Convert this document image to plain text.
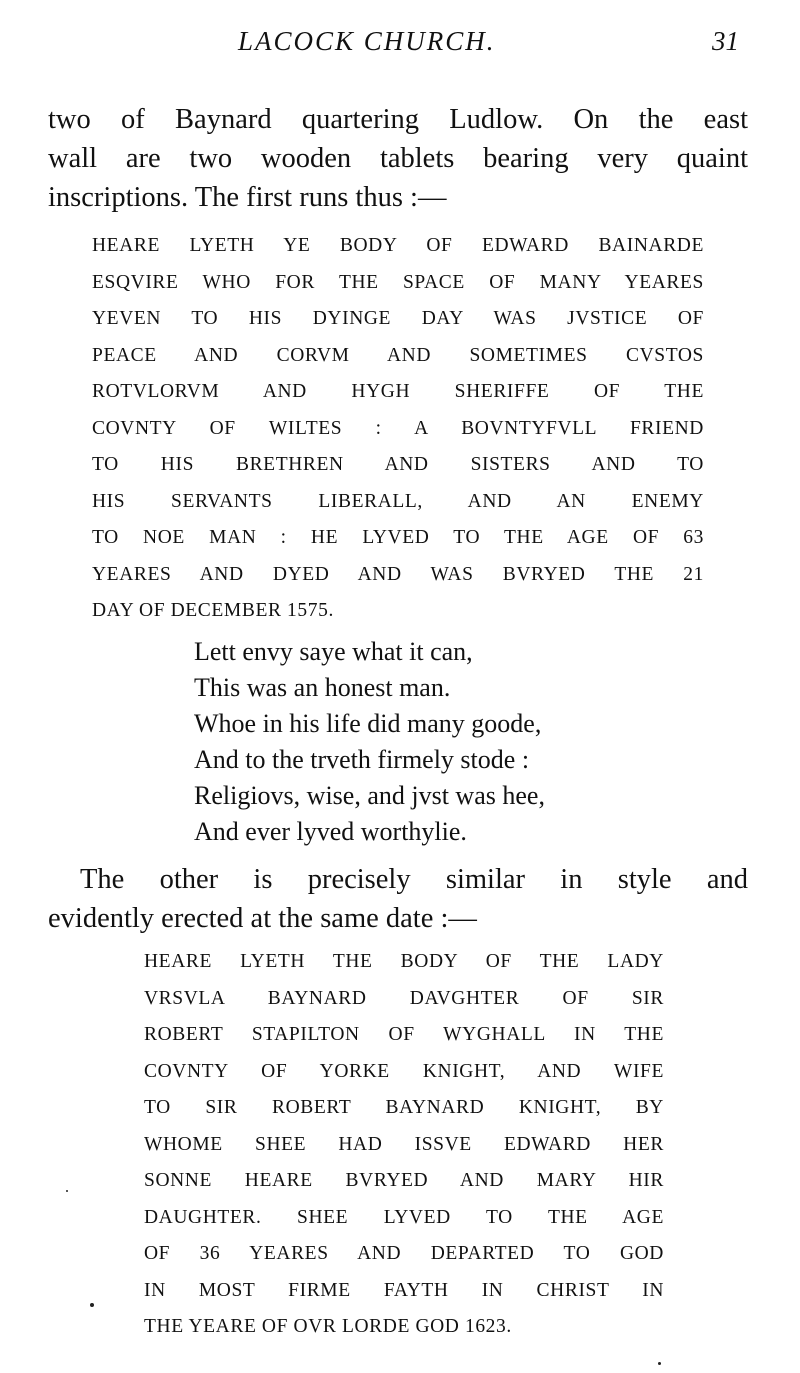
LACOCK CHURCH.	31
two of Baynard quartering Ludlow. On the east
wall are two wooden tablets bearing very quaint
inscriptions. The first runs thus :—
HEARE LYETH YE BODY OF EDWARD BAINARDE
ESQVIRE WHO FOR THE SPACE OF MANY YEARES
YEVEN TO HIS DYINGE DAY WAS JVSTICE OF
PEACE AND CORVM AND SOMETIMES CVSTOS
ROTVLORVM AND HYGH SHERIFFE OF THE
COVNTY OF WILTES : A BOVNTYFVLL FRIEND
TO HIS BRETHREN AND SISTERS AND TO
HIS SERVANTS LIBERALL, AND AN ENEMY
TO NOE MAN : HE LYVED TO THE AGE OF 63
YEARES AND DYED AND WAS BVRYED THE 21
DAY OF DECEMBER 1575.
Lett envy saye what it can,
This was an honest man.
Whoe in his life did many goode,
And to the trveth firmely stode :
Religiovs, wise, and jvst was hee,
And ever lyved worthylie.
The other is precisely similar in style and
evidently erected at the same date :—
HEARE LYETH THE BODY OF THE LADY
VRSVLA BAYNARD DAVGHTER OF SIR
ROBERT STAPILTON OF WYGHALL IN THE
COVNTY OF YORKE KNIGHT, AND WIFE
TO SIR ROBERT BAYNARD KNIGHT, BY
WHOME SHEE HAD ISSVE EDWARD HER
SONNE HEARE BVRYED AND MARY HIR
DAUGHTER. SHEE LYVED TO THE AGE
OF 36 YEARES AND DEPARTED TO GOD
IN MOST FIRME FAYTH IN CHRIST IN
THE YEARE OF OVR LORDE GOD 1623.
